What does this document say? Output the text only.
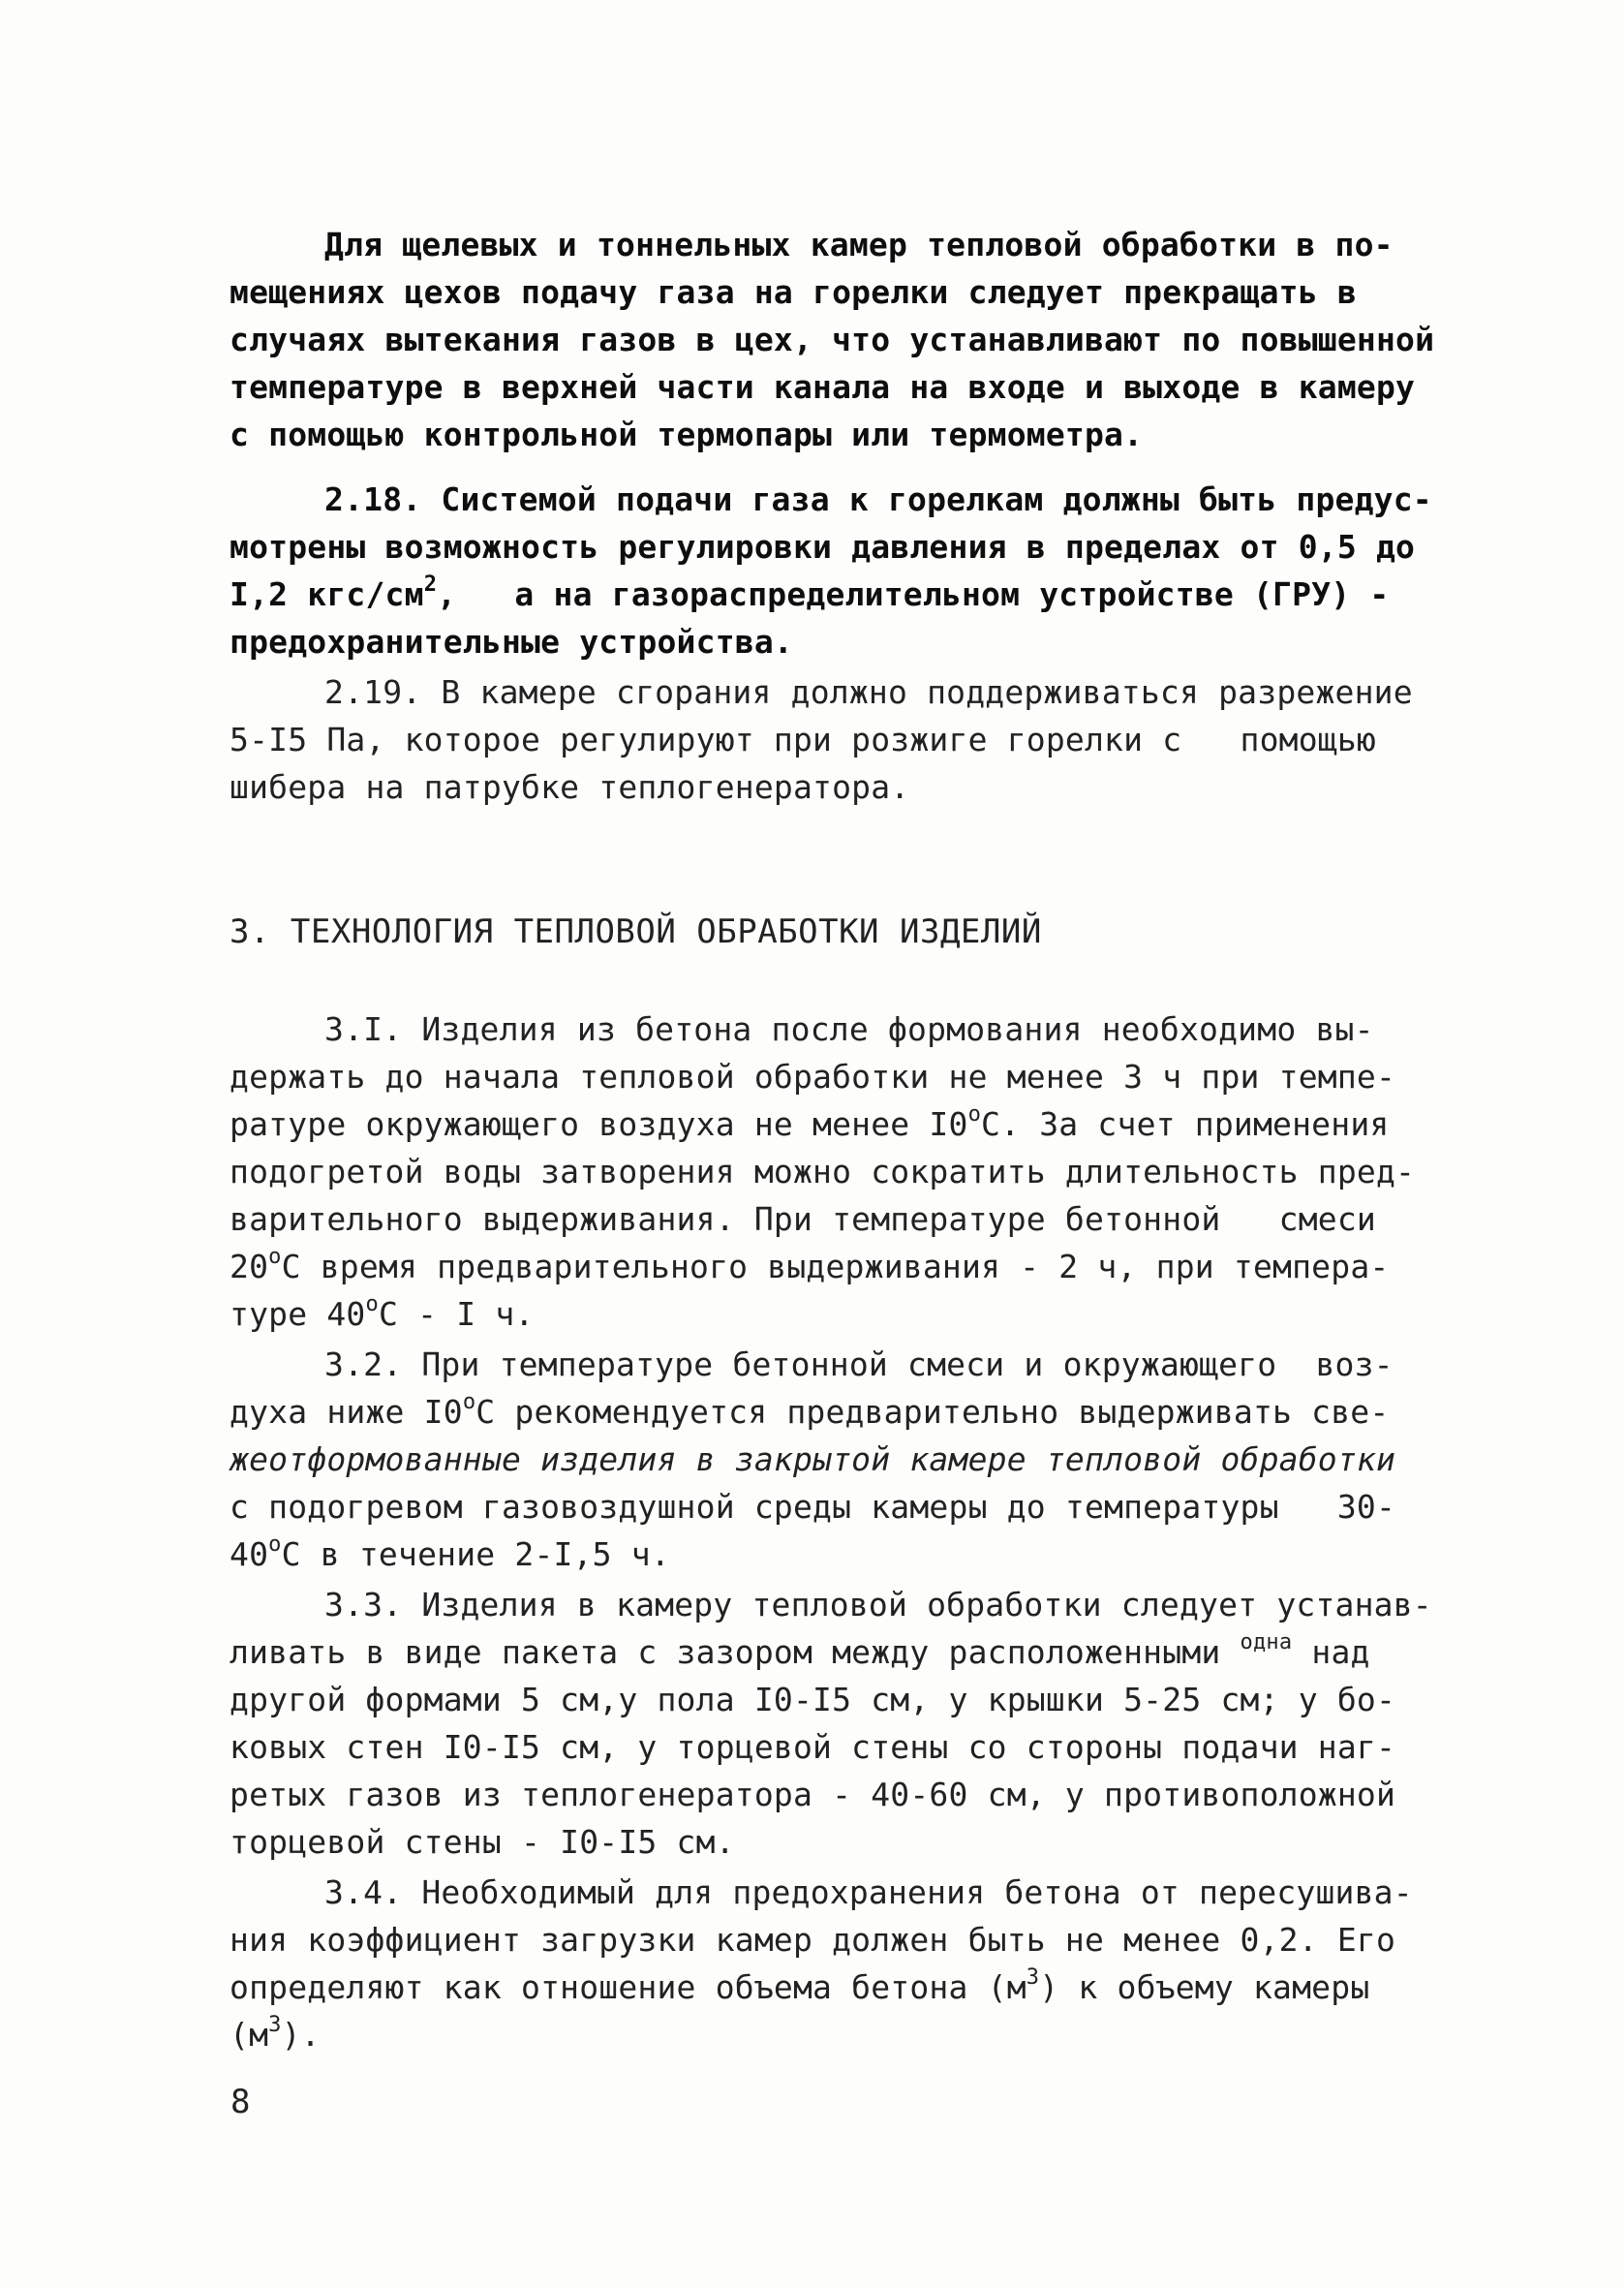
Для щелевых и тоннельных камер тепловой обработки в по-
мещениях цехов подачу газа на горелки следует прекращать в
случаях вытекания газов в цех, что устанавливают по повышенной
температуре в верхней части канала на входе и выходе в камеру
с помощью контрольной термопары или термометра.
2.18. Системой подачи газа к горелкам должны быть предус-
мотрены возможность регулировки давления в пределах от 0,5 до
I,2 кгс/$см^2$,   а на газораспределительном устройстве (ГРУ) -
предохранительные устройства.
2.19. В камере сгорания должно поддерживаться разрежение
5-I5 Па, которое регулируют при розжиге горелки с   помощью
шибера на патрубке теплогенератора.
3. ТЕХНОЛОГИЯ ТЕПЛОВОЙ ОБРАБОТКИ ИЗДЕЛИЙ
3.I. Изделия из бетона после формования необходимо вы-
держать до начала тепловой обработки не менее 3 ч при темпе-
ратуре окружающего воздуха не менее $I0^оС$. За счет применения
подогретой воды затворения можно сократить длительность пред-
варительного выдерживания. При температуре бетонной   смеси
$20^оС$ время предварительного выдерживания - 2 ч, при темпера-
туре $40^оС$ - I ч.
3.2. При температуре бетонной смеси и окружающего  воз-
духа ниже $I0^оС$ рекомендуется предварительно выдерживать све-
жеотформованные изделия в закрытой камере тепловой обработки
с подогревом газовоздушной среды камеры до температуры   30-
$40^оС$ в течение 2-I,5 ч.
3.3. Изделия в камеру тепловой обработки следует устанав-
ливать в виде пакета с зазором между расположенными $^{одна}$ над
другой формами 5 см,у пола I0-I5 см, у крышки 5-25 см; у бо-
ковых стен I0-I5 см, у торцевой стены со стороны подачи наг-
ретых газов из теплогенератора - 40-60 см, у противоположной
торцевой стены - I0-I5 см.
3.4. Необходимый для предохранения бетона от пересушива-
ния коэффициент загрузки камер должен быть не менее 0,2. Его
определяют как отношение объема бетона $(м^3)$ к объему камеры
$(м^3)$.
8
